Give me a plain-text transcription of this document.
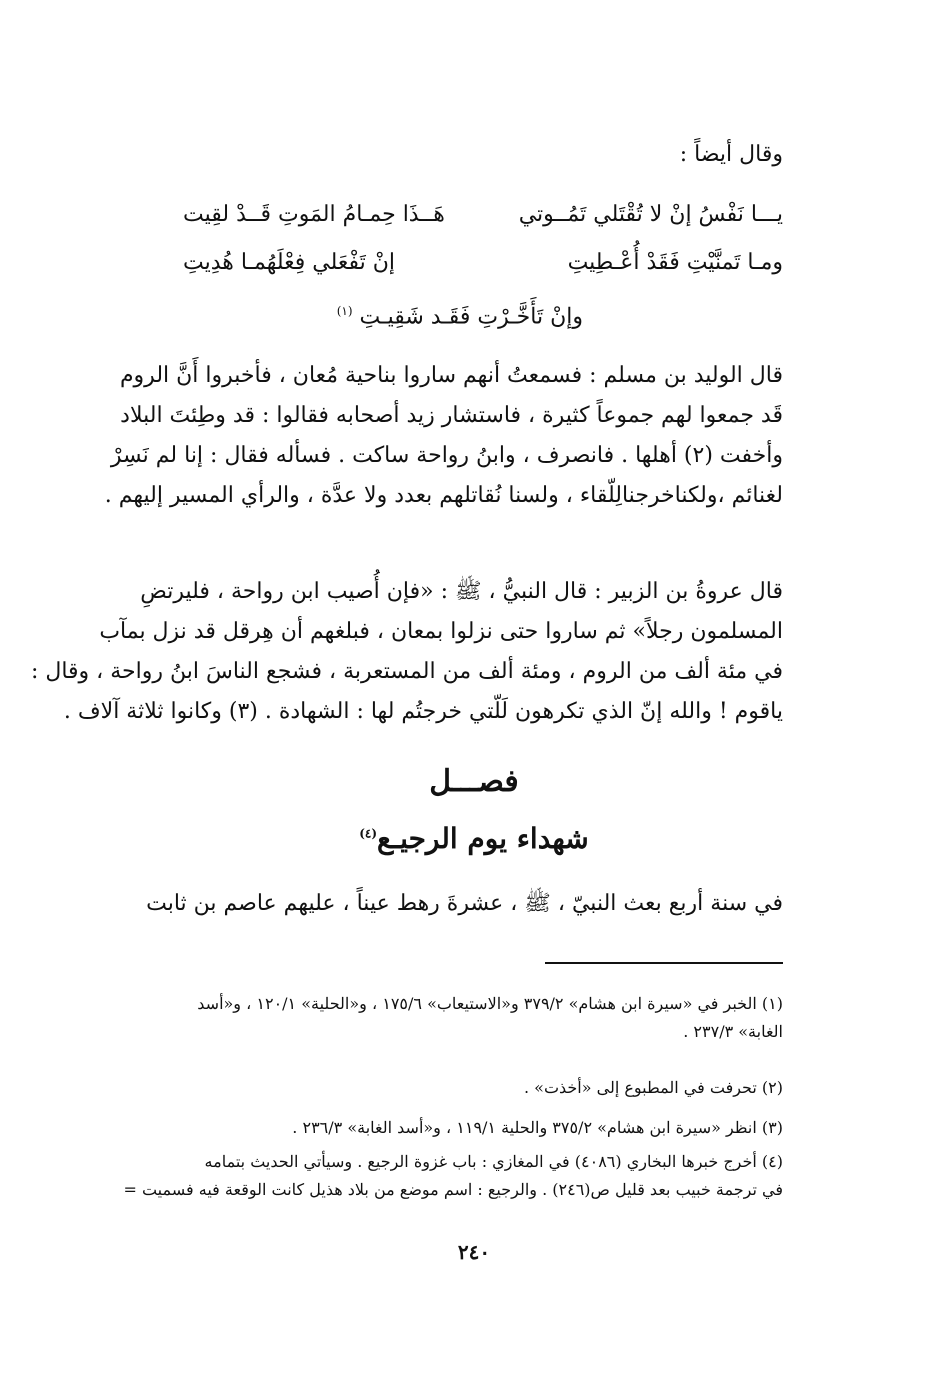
وقال أيضاً :
يـــا نَفْسُ إنْ لا تُقْتَلي تَمُــوتي
هَــذَا حِمـامُ المَوتِ قَــدْ لقِيت
ومـا تَمنَّيْتِ فَقَدْ أُعْـطِيتِ
إنْ تَفْعَلي فِعْلَهُمـا هُدِيتِ
وإنْ تَأَخَّـرْتِ فَقَـد شَقِيـتِ $^{(١)}$
قال الوليد بن مسلم : فسمعتُ أنهم ساروا بناحية مُعان ، فأخبروا أَنَّ الروم
قَد جمعوا لهم جموعاً كثيرة ، فاستشار زيد أصحابه فقالوا : قد وطِئتَ البلاد
وأخفت (٢) أهلها . فانصرف ، وابنُ رواحة ساكت . فسأله فقال : إنا لم نَسِرْ
لغنائم ،ولكناخرجنالِلّقاء ، ولسنا نُقاتلهم بعدد ولا عدَّة ، والرأي المسير إليهم .
قال عروةُ بن الزبير : قال النبيُّ ، ﷺ : «فإن أُصيب ابن رواحة ، فليرتضِ
المسلمون رجلاً» ثم ساروا حتى نزلوا بمعان ، فبلغهم أن هِرقل قد نزل بمآب
في مئة ألف من الروم ، ومئة ألف من المستعربة ، فشجع الناسَ ابنُ رواحة ، وقال :
ياقوم ! والله إنّ الذي تكرهون لَلّتي خرجتُم لها : الشهادة . (٣) وكانوا ثلاثة آلاف .
فصـــل
شهداء يوم الرجيـع$^{(٤)}$
في سنة أربع بعث النبيّ ، ﷺ ، عشرةَ رهط عيناً ، عليهم عاصم بن ثابت
(١) الخبر في «سيرة ابن هشام» ٣٧٩/٢ و«الاستيعاب» ١٧٥/٦ ، و«الحلية» ١٢٠/١ ، و«أسد
الغابة» ٢٣٧/٣ .
(٢) تحرفت في المطبوع إلى «أخذت» .
(٣) انظر «سيرة ابن هشام» ٣٧٥/٢ والحلية ١١٩/١ ، و«أسد الغابة» ٢٣٦/٣ .
(٤) أخرج خبرها البخاري (٤٠٨٦) في المغازي : باب غزوة الرجيع . وسيأتي الحديث بتمامه
في ترجمة خبيب بعد قليل ص(٢٤٦) . والرجيع : اسم موضع من بلاد هذيل كانت الوقعة فيه فسميت =
٢٤٠
